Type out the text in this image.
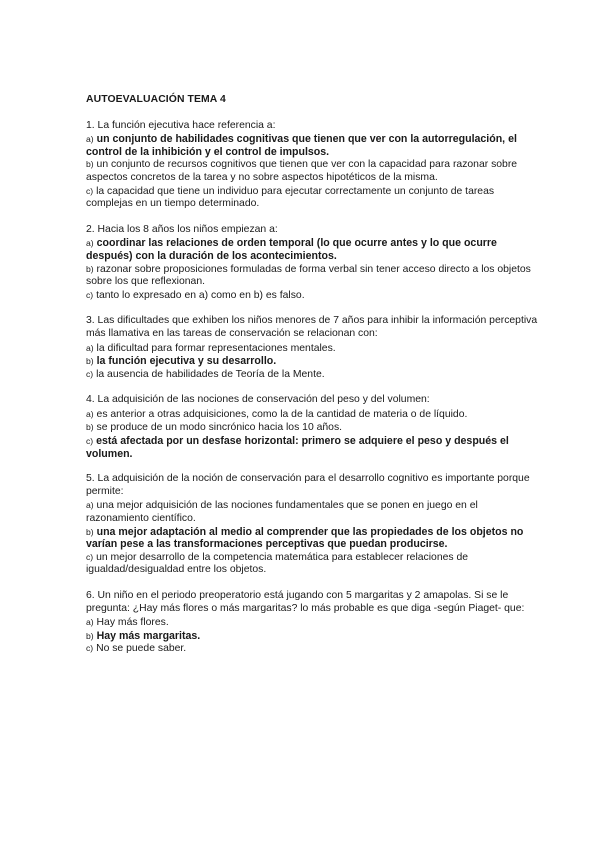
AUTOEVALUACIÓN TEMA 4
1. La función ejecutiva hace referencia a:
a) un conjunto de habilidades cognitivas que tienen que ver con la autorregulación, el control de la inhibición y el control de impulsos.
b) un conjunto de recursos cognitivos que tienen que ver con la capacidad para razonar sobre aspectos concretos de la tarea y no sobre aspectos hipotéticos de la misma.
c) la capacidad que tiene un individuo para ejecutar correctamente un conjunto de tareas complejas en un tiempo determinado.
2. Hacia los 8 años los niños empiezan a:
a) coordinar las relaciones de orden temporal (lo que ocurre antes y lo que ocurre después) con la duración de los acontecimientos.
b) razonar sobre proposiciones formuladas de forma verbal sin tener acceso directo a los objetos sobre los que reflexionan.
c) tanto lo expresado en a) como en b) es falso.
3. Las dificultades que exhiben los niños menores de 7 años para inhibir la información perceptiva más llamativa en las tareas de conservación se relacionan con:
a) la dificultad para formar representaciones mentales.
b) la función ejecutiva y su desarrollo.
c) la ausencia de habilidades de Teoría de la Mente.
4. La adquisición de las nociones de conservación del peso y del volumen:
a) es anterior a otras adquisiciones, como la de la cantidad de materia o de líquido.
b) se produce de un modo sincrónico hacia los 10 años.
c) está afectada por un desfase horizontal: primero se adquiere el peso y después el volumen.
5. La adquisición de la noción de conservación para el desarrollo cognitivo es importante porque permite:
a) una mejor adquisición de las nociones fundamentales que se ponen en juego en el razonamiento científico.
b) una mejor adaptación al medio al comprender que las propiedades de los objetos no varían pese a las transformaciones perceptivas que puedan producirse.
c) un mejor desarrollo de la competencia matemática para establecer relaciones de igualdad/desigualdad entre los objetos.
6. Un niño en el periodo preoperatorio está jugando con 5 margaritas y 2 amapolas. Si se le pregunta: ¿Hay más flores o más margaritas? lo más probable es que diga -según Piaget- que:
a) Hay más flores.
b) Hay más margaritas.
c) No se puede saber.
